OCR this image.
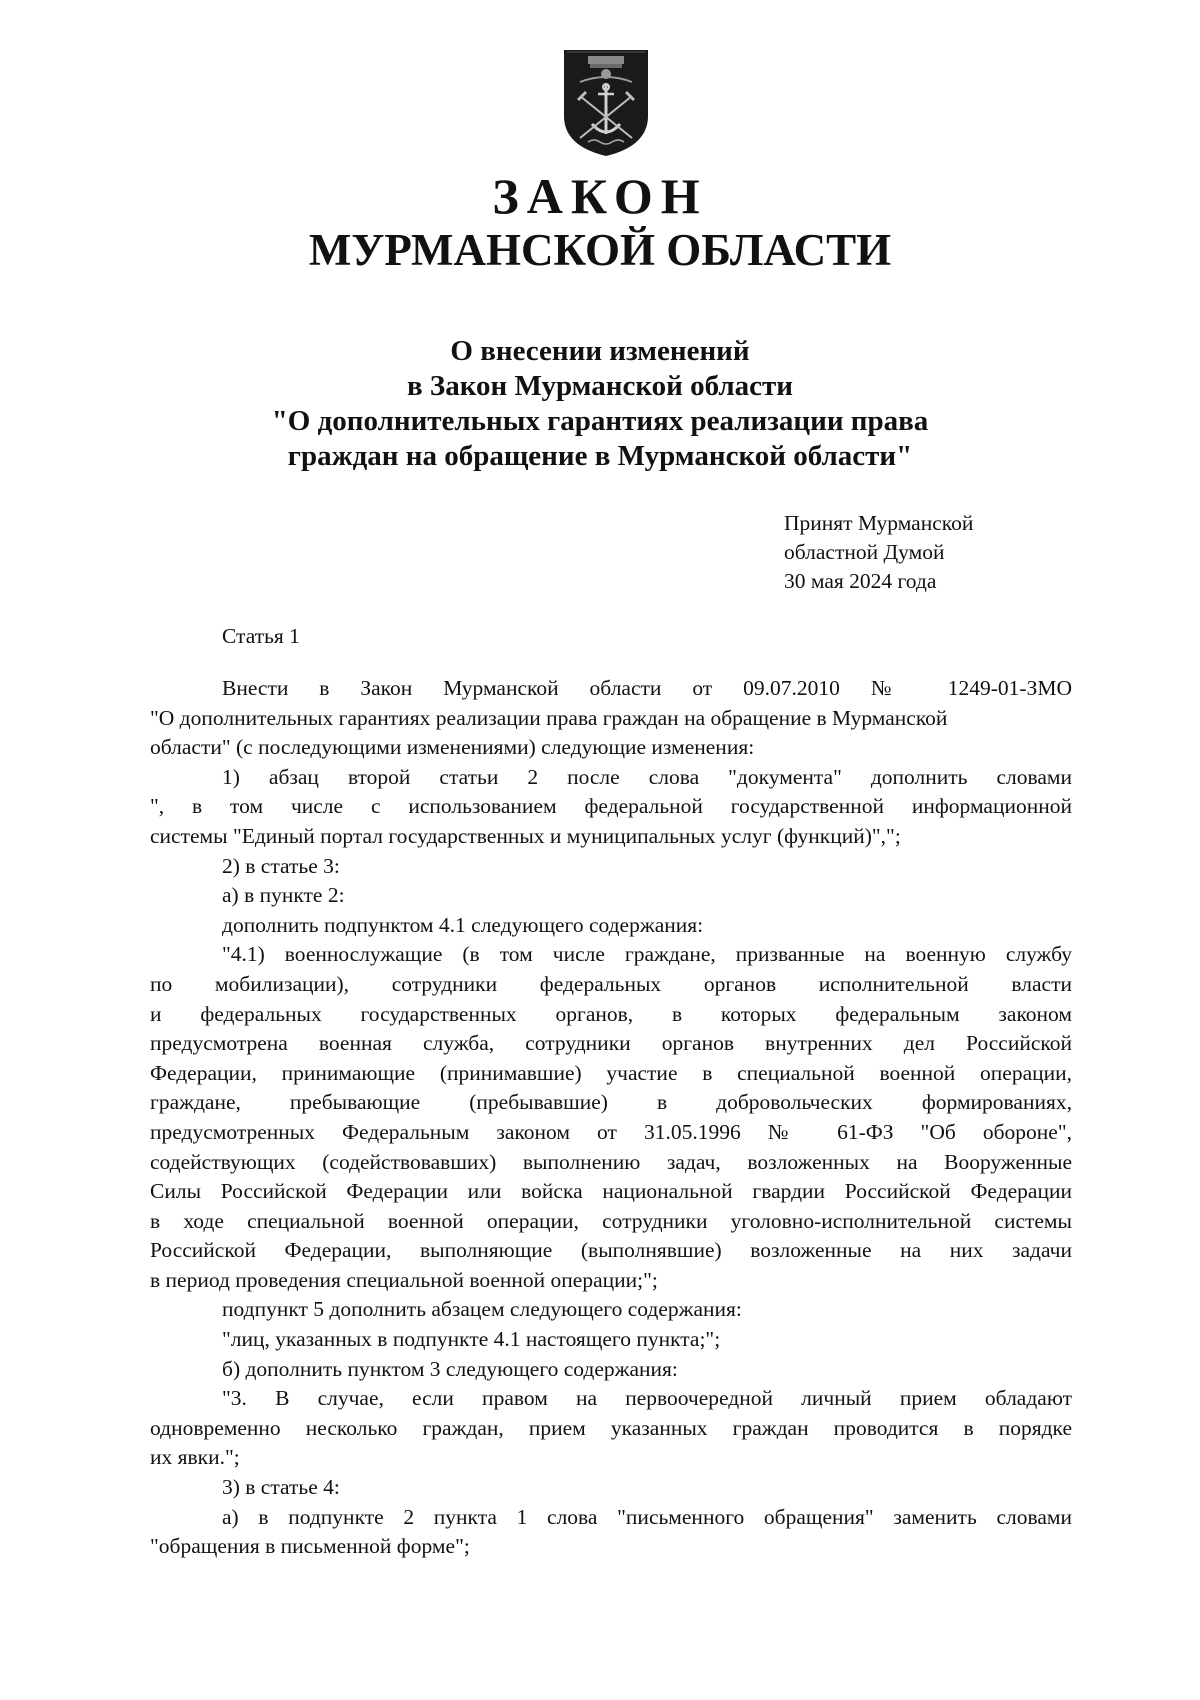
ЗАКОН
МУРМАНСКОЙ ОБЛАСТИ
О внесении изменений
в Закон Мурманской области
"О дополнительных гарантиях реализации права
граждан на обращение в Мурманской области"
Принят Мурманской
областной Думой
30 мая 2024 года
Статья 1
Внести в Закон Мурманской области от 09.07.2010 № 1249-01-ЗМО
"О дополнительных гарантиях реализации права граждан на обращение в Мурманской
области" (с последующими изменениями) следующие изменения:
1) абзац второй статьи 2 после слова "документа" дополнить словами
", в том числе с использованием федеральной государственной информационной
системы "Единый портал государственных и муниципальных услуг (функций)",";
2) в статье 3:
а) в пункте 2:
дополнить подпунктом 4.1 следующего содержания:
"4.1) военнослужащие (в том числе граждане, призванные на военную службу
по мобилизации), сотрудники федеральных органов исполнительной власти
и федеральных государственных органов, в которых федеральным законом
предусмотрена военная служба, сотрудники органов внутренних дел Российской
Федерации, принимающие (принимавшие) участие в специальной военной операции,
граждане, пребывающие (пребывавшие) в добровольческих формированиях,
предусмотренных Федеральным законом от 31.05.1996 № 61-ФЗ "Об обороне",
содействующих (содействовавших) выполнению задач, возложенных на Вооруженные
Силы Российской Федерации или войска национальной гвардии Российской Федерации
в ходе специальной военной операции, сотрудники уголовно-исполнительной системы
Российской Федерации, выполняющие (выполнявшие) возложенные на них задачи
в период проведения специальной военной операции;";
подпункт 5 дополнить абзацем следующего содержания:
"лиц, указанных в подпункте 4.1 настоящего пункта;";
б) дополнить пунктом 3 следующего содержания:
"3. В случае, если правом на первоочередной личный прием обладают
одновременно несколько граждан, прием указанных граждан проводится в порядке
их явки.";
3) в статье 4:
а) в подпункте 2 пункта 1 слова "письменного обращения" заменить словами
"обращения в письменной форме";
